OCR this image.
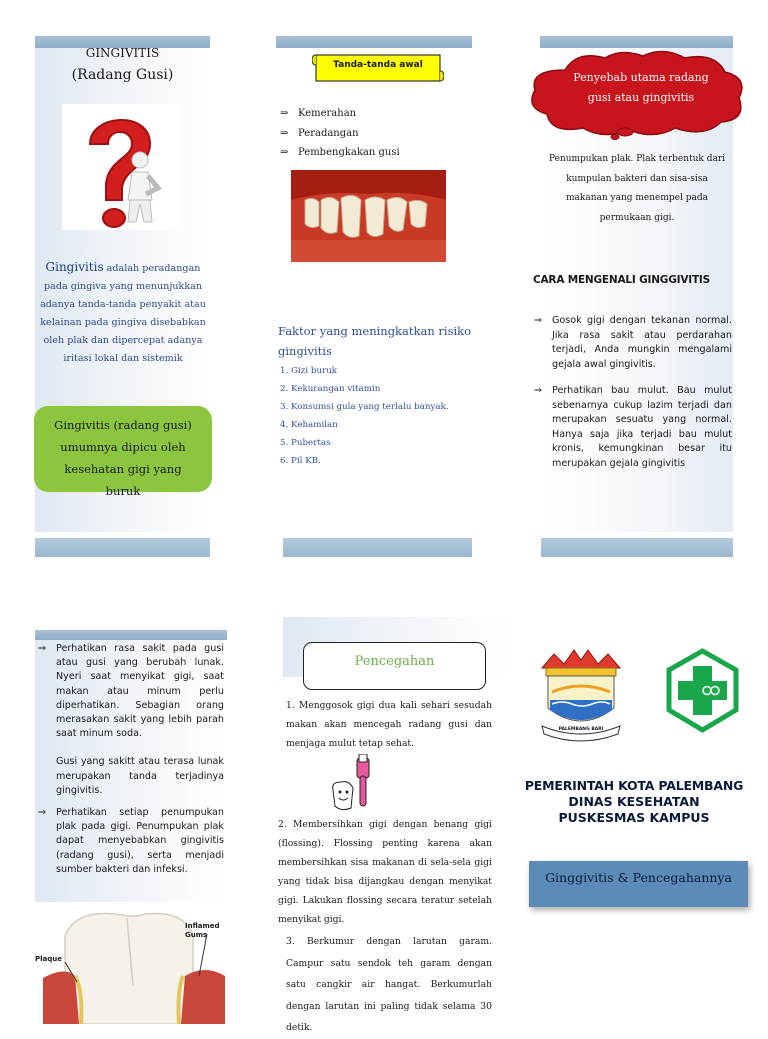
GINGIVITIS
(Radang Gusi)
Gingivitis adalah peradangan pada gingiva yang menunjukkan adanya tanda-tanda penyakit atau kelainan pada gingiva disebabkan oleh plak dan dipercepat adanya iritasi lokal dan sistemik
Gingivitis (radang gusi) umumnya dipicu oleh kesehatan gigi yang buruk
Tanda-tanda awal
⇒ Kemerahan
⇒ Peradangan
⇒ Pembengkakan gusi
Faktor yang meningkatkan risiko gingivitis
1. Gizi buruk
2. Kekurangan vitamin
3. Konsumsi gula yang terlalu banyak.
4. Kehamilan
5. Pubertas
6. Pil KB.
Penyebab utama radang gusi atau gingivitis
Penumpukan plak. Plak terbentuk dari kumpulan bakteri dan sisa-sisa makanan yang menempel pada permukaan gigi.
CARA MENGENALI GINGGIVITIS
⇒ Gosok gigi dengan tekanan normal. Jika rasa sakit atau perdarahan terjadi, Anda mungkin mengalami gejala awal gingivitis.
⇒ Perhatikan bau mulut. Bau mulut sebenarnya cukup lazim terjadi dan merupakan sesuatu yang normal. Hanya saja jika terjadi bau mulut kronis, kemungkinan besar itu merupakan gejala gingivitis
⇒ Perhatikan rasa sakit pada gusi atau gusi yang berubah lunak. Nyeri saat menyikat gigi, saat makan atau minum perlu diperhatikan. Sebagian orang merasakan sakit yang lebih parah saat minum soda.
Gusi yang sakitt atau terasa lunak merupakan tanda terjadinya gingivitis.
⇒ Perhatikan setiap penumpukan plak pada gigi. Penumpukan plak dapat menyebabkan gingivitis (radang gusi), serta menjadi sumber bakteri dan infeksi.
Inflamed Gums
Plaque
Pencegahan
1. Menggosok gigi dua kali sehari sesudah makan akan mencegah radang gusi dan menjaga mulut tetap sehat.
2. Membersihkan gigi dengan benang gigi (flossing). Flossing penting karena akan membersihkan sisa makanan di sela-sela gigi yang tidak bisa dijangkau dengan menyikat gigi. Lakukan flossing secara teratur setelah menyikat gigi.
3. Berkumur dengan larutan garam. Campur satu sendok teh garam dengan satu cangkir air hangat. Berkumurlah dengan larutan ini paling tidak selama 30 detik.
PALEMBANG BARI
PEMERINTAH KOTA PALEMBANG
DINAS KESEHATAN
PUSKESMAS KAMPUS
Ginggivitis & Pencegahannya
